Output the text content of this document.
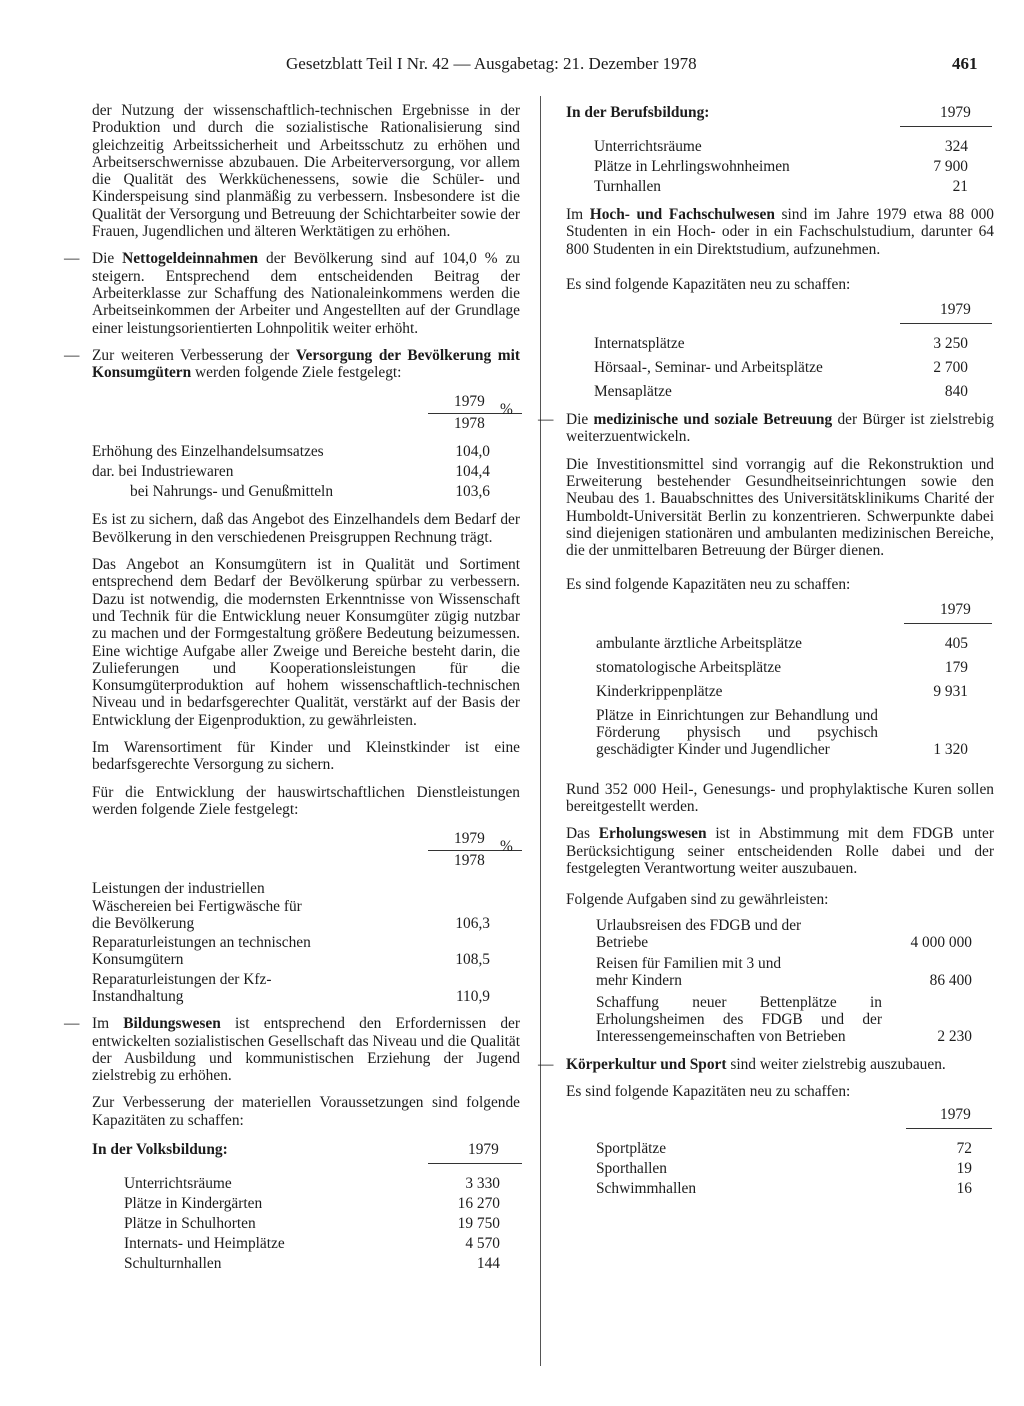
Gesetzblatt Teil I Nr. 42 — Ausgabetag: 21. Dezember 1978	461

der Nutzung der wissenschaftlich-technischen Ergebnisse in der Produktion und durch die sozialistische Rationalisierung sind gleichzeitig Arbeitssicherheit und Arbeitsschutz zu erhöhen und Arbeitserschwernisse abzubauen. Die Arbeiterversorgung, vor allem die Qualität des Werkküchenessens, sowie die Schüler- und Kinderspeisung sind planmäßig zu verbessern. Insbesondere ist die Qualität der Versorgung und Betreuung der Schichtarbeiter sowie der Frauen, Jugendlichen und älteren Werktätigen zu erhöhen.

— Die Nettogeldeinnahmen der Bevölkerung sind auf 104,0 % zu steigern. Entsprechend dem entscheidenden Beitrag der Arbeiterklasse zur Schaffung des Nationaleinkommens werden die Arbeitseinkommen der Arbeiter und Angestellten auf der Grundlage einer leistungsorientierten Lohnpolitik weiter erhöht.

— Zur weiteren Verbesserung der Versorgung der Bevölkerung mit Konsumgütern werden folgende Ziele festgelegt:

1979
1978
%
Erhöhung des Einzelhandelsumsatzes	104,0
dar. bei Industriewaren	104,4
bei Nahrungs- und Genußmitteln	103,6

Es ist zu sichern, daß das Angebot des Einzelhandels dem Bedarf der Bevölkerung in den verschiedenen Preisgruppen Rechnung trägt.

Das Angebot an Konsumgütern ist in Qualität und Sortiment entsprechend dem Bedarf der Bevölkerung spürbar zu verbessern. Dazu ist notwendig, die modernsten Erkenntnisse von Wissenschaft und Technik für die Entwicklung neuer Konsumgüter zügig nutzbar zu machen und der Formgestaltung größere Bedeutung beizumessen. Eine wichtige Aufgabe aller Zweige und Bereiche besteht darin, die Zulieferungen und Kooperationsleistungen für die Konsumgüterproduktion auf hohem wissenschaftlich-technischen Niveau und in bedarfsgerechter Qualität, verstärkt auf der Basis der Entwicklung der Eigenproduktion, zu gewährleisten.

Im Warensortiment für Kinder und Kleinstkinder ist eine bedarfsgerechte Versorgung zu sichern.

Für die Entwicklung der hauswirtschaftlichen Dienstleistungen werden folgende Ziele festgelegt:

1979
1978
%
Leistungen der industriellen Wäschereien bei Fertigwäsche für die Bevölkerung	106,3
Reparaturleistungen an technischen Konsumgütern	108,5
Reparaturleistungen der Kfz-Instandhaltung	110,9
— Im Bildungswesen ist entsprechend den Erfordernissen der entwickelten sozialistischen Gesellschaft das Niveau und die Qualität der Ausbildung und kommunistischen Erziehung der Jugend zielstrebig zu erhöhen.

Zur Verbesserung der materiellen Voraussetzungen sind folgende Kapazitäten zu schaffen:

In der Volksbildung:	1979
Unterrichtsräume	3 330
Plätze in Kindergärten	16 270
Plätze in Schulhorten	19 750
Internats- und Heimplätze	4 570
Schulturnhallen	144
In der Berufsbildung:	1979
Unterrichtsräume	324
Plätze in Lehrlingswohnheimen	7 900
Turnhallen	21

Im Hoch- und Fachschulwesen sind im Jahre 1979 etwa 88 000 Studenten in ein Hoch- oder in ein Fachschulstudium, darunter 64 800 Studenten in ein Direktstudium, aufzunehmen.

Es sind folgende Kapazitäten neu zu schaffen:

1979
Internatsplätze	3 250
Hörsaal-, Seminar- und Arbeitsplätze	2 700
Mensaplätze	840
— Die medizinische und soziale Betreuung der Bürger ist zielstrebig weiterzuentwickeln.

Die Investitionsmittel sind vorrangig auf die Rekonstruktion und Erweiterung bestehender Gesundheitseinrichtungen sowie den Neubau des 1. Bauabschnittes des Universitätsklinikums Charité der Humboldt-Universität Berlin zu konzentrieren. Schwerpunkte dabei sind diejenigen stationären und ambulanten medizinischen Bereiche, die der unmittelbaren Betreuung der Bürger dienen.

Es sind folgende Kapazitäten neu zu schaffen:

1979
ambulante ärztliche Arbeitsplätze	405
stomatologische Arbeitsplätze	179
Kinderkrippenplätze	9 931
Plätze in Einrichtungen zur Behandlung und Förderung physisch und psychisch geschädigter Kinder und Jugendlicher	1 320

Rund 352 000 Heil-, Genesungs- und prophylaktische Kuren sollen bereitgestellt werden.

Das Erholungswesen ist in Abstimmung mit dem FDGB unter Berücksichtigung seiner entscheidenden Rolle dabei und der festgelegten Verantwortung weiter auszubauen.

Folgende Aufgaben sind zu gewährleisten:

Urlaubsreisen des FDGB und der Betriebe	4 000 000
Reisen für Familien mit 3 und mehr Kindern	86 400
Schaffung neuer Bettenplätze in Erholungsheimen des FDGB und der Interessengemeinschaften von Betrieben	2 230
— Körperkultur und Sport sind weiter zielstrebig auszubauen.

Es sind folgende Kapazitäten neu zu schaffen:

1979
Sportplätze	72
Sporthallen	19
Schwimmhallen	16
